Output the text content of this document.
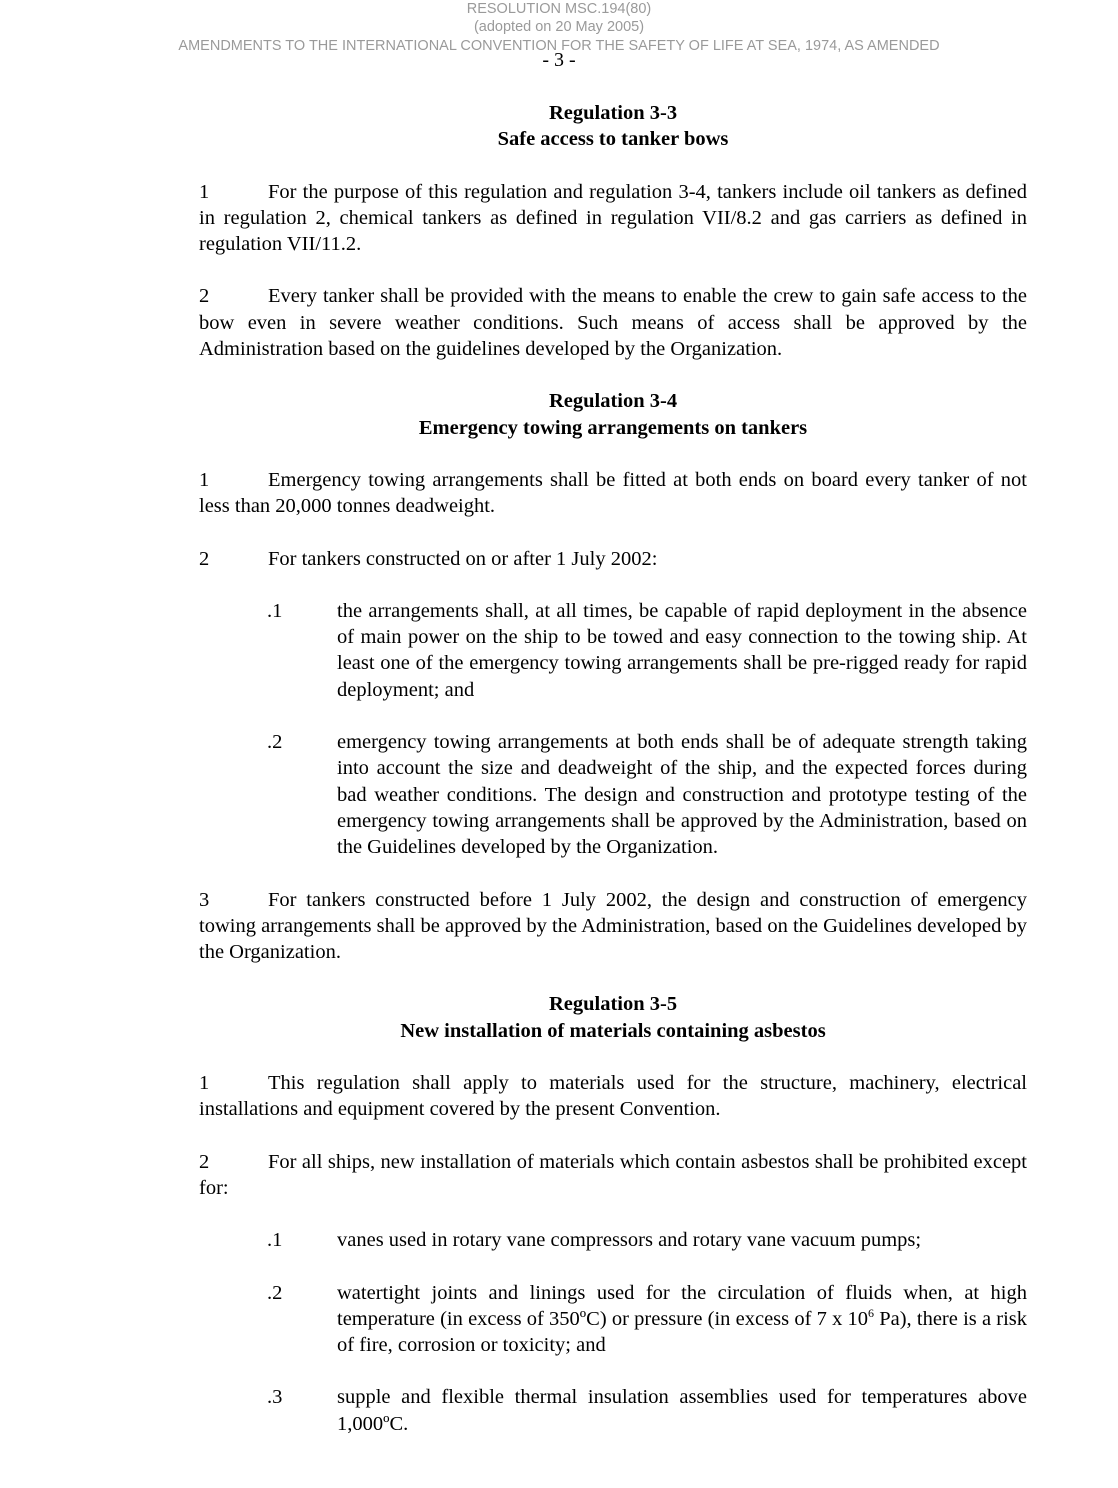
RESOLUTION MSC.194(80)
(adopted on 20 May 2005)
AMENDMENTS TO THE INTERNATIONAL CONVENTION FOR THE SAFETY OF LIFE AT SEA, 1974, AS AMENDED
- 3 -
Regulation 3-3
Safe access to tanker bows
1	For the purpose of this regulation and regulation 3-4, tankers include oil tankers as defined in regulation 2, chemical tankers as defined in regulation VII/8.2 and gas carriers as defined in regulation VII/11.2.
2	Every tanker shall be provided with the means to enable the crew to gain safe access to the bow even in severe weather conditions. Such means of access shall be approved by the Administration based on the guidelines developed by the Organization.
Regulation 3-4
Emergency towing arrangements on tankers
1	Emergency towing arrangements shall be fitted at both ends on board every tanker of not less than 20,000 tonnes deadweight.
2	For tankers constructed on or after 1 July 2002:
.1	the arrangements shall, at all times, be capable of rapid deployment in the absence of main power on the ship to be towed and easy connection to the towing ship. At least one of the emergency towing arrangements shall be pre-rigged ready for rapid deployment; and
.2	emergency towing arrangements at both ends shall be of adequate strength taking into account the size and deadweight of the ship, and the expected forces during bad weather conditions. The design and construction and prototype testing of the emergency towing arrangements shall be approved by the Administration, based on the Guidelines developed by the Organization.
3	For tankers constructed before 1 July 2002, the design and construction of emergency towing arrangements shall be approved by the Administration, based on the Guidelines developed by the Organization.
Regulation 3-5
New installation of materials containing asbestos
1	This regulation shall apply to materials used for the structure, machinery, electrical installations and equipment covered by the present Convention.
2	For all ships, new installation of materials which contain asbestos shall be prohibited except for:
.1	vanes used in rotary vane compressors and rotary vane vacuum pumps;
.2	watertight joints and linings used for the circulation of fluids when, at high temperature (in excess of 350ºC) or pressure (in excess of 7 x $10^6$ Pa), there is a risk of fire, corrosion or toxicity; and
.3	supple and flexible thermal insulation assemblies used for temperatures above 1,000ºC.
